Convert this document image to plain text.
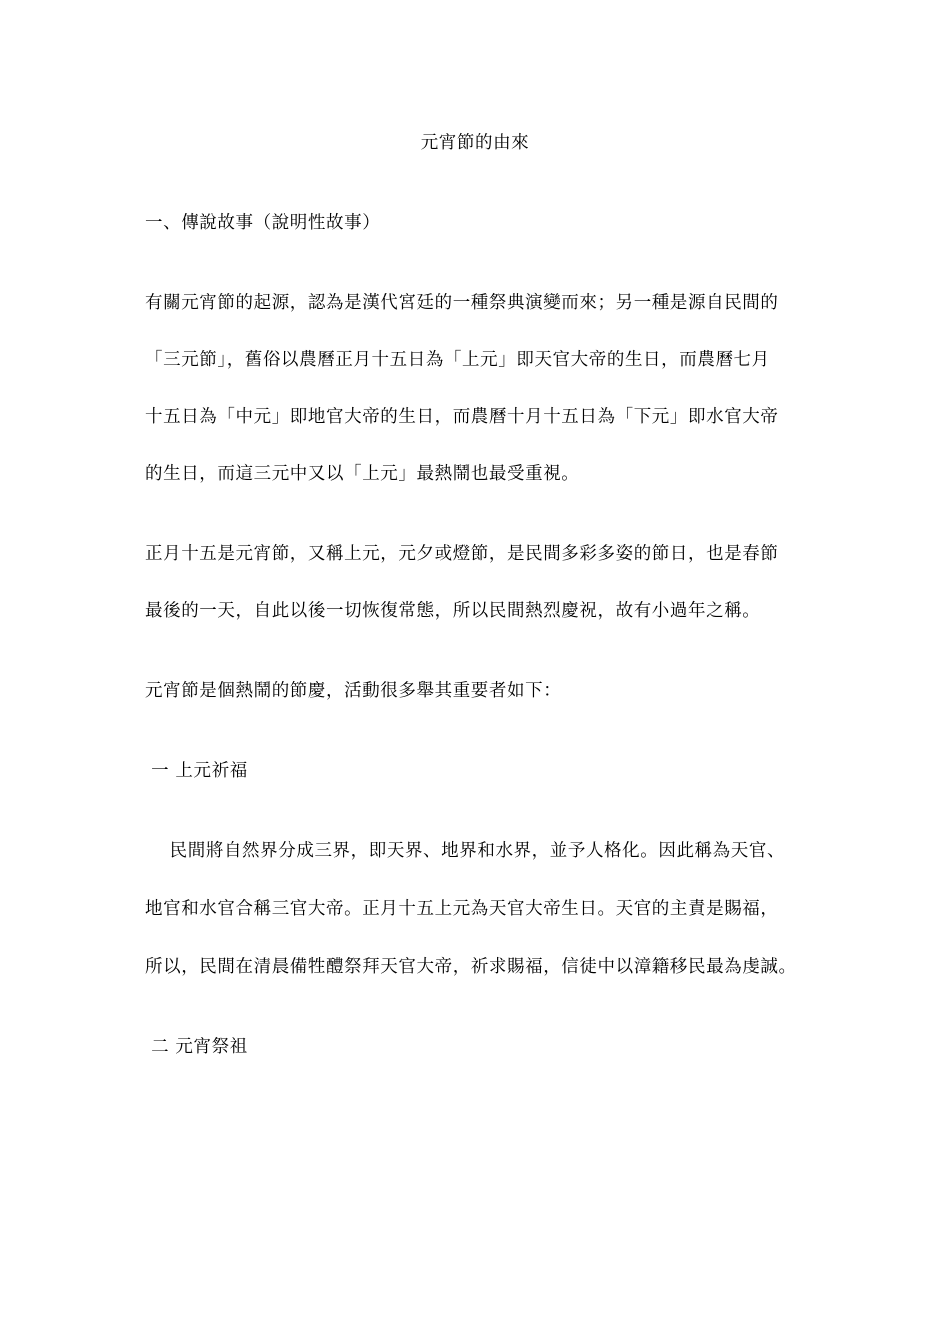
元宵節的由來
一、傳說故事（說明性故事）
有關元宵節的起源，認為是漢代宮廷的一種祭典演變而來；另一種是源自民間的
「三元節」，舊俗以農曆正月十五日為「上元」即天官大帝的生日，而農曆七月
十五日為「中元」即地官大帝的生日，而農曆十月十五日為「下元」即水官大帝
的生日，而這三元中又以「上元」最熱鬧也最受重視。
正月十五是元宵節，又稱上元，元夕或燈節，是民間多彩多姿的節日，也是春節
最後的一天，自此以後一切恢復常態，所以民間熱烈慶祝，故有小過年之稱。
元宵節是個熱鬧的節慶，活動很多舉其重要者如下：
一 上元祈福
民間將自然界分成三界，即天界、地界和水界，並予人格化。因此稱為天官、
地官和水官合稱三官大帝。正月十五上元為天官大帝生日。天官的主責是賜福，
所以，民間在清晨備牲醴祭拜天官大帝，祈求賜福，信徒中以漳籍移民最為虔誠。
二 元宵祭祖
